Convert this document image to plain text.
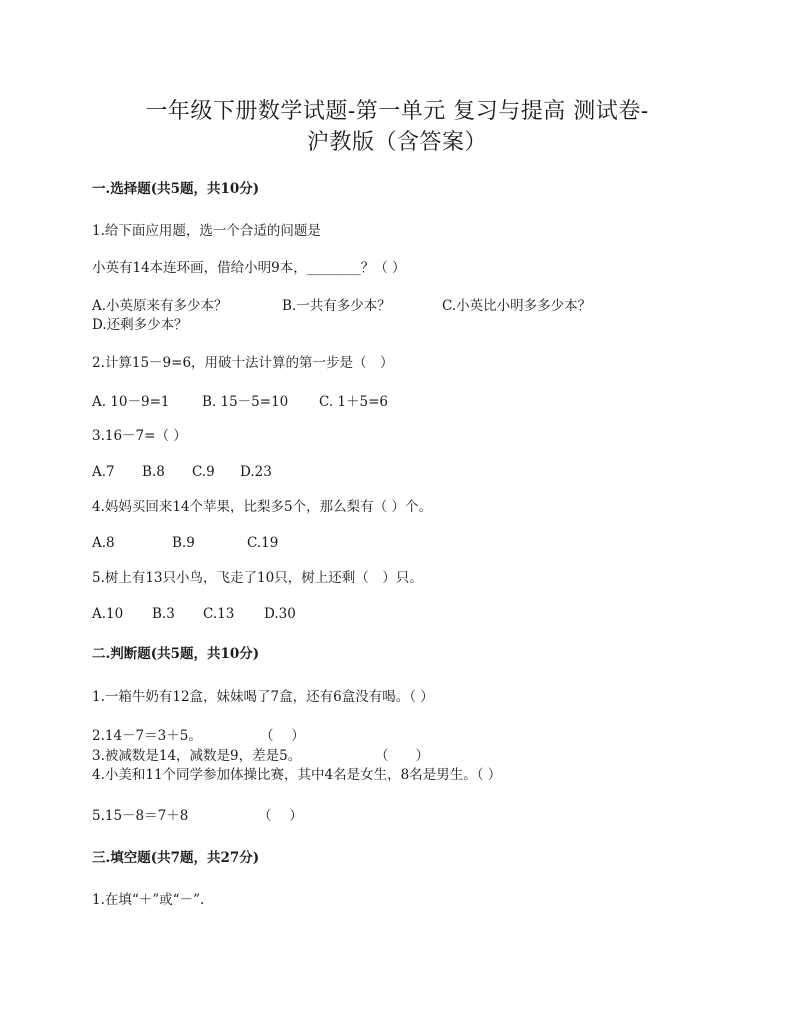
一年级下册数学试题-第一单元 复习与提高 测试卷-
沪教版（含答案）
一.选择题(共5题，共10分)
1.给下面应用题，选一个合适的问题是
小英有14本连环画，借给小明9本，________？（ ）
A.小英原来有多少本？	B.一共有多少本？	C.小英比小明多多少本？
D.还剩多少本？
2.计算15－9=6，用破十法计算的第一步是（　）
A. 10－9=1 B. 15－5=10 C. 1＋5=6
3.16－7=（ ）
A.7 B.8 C.9 D.23
4.妈妈买回来14个苹果，比梨多5个，那么梨有（ ）个。
A.8	B.9	C.19
5.树上有13只小鸟，飞走了10只，树上还剩（　）只。
A.10 B.3 C.13 D.30
二.判断题(共5题，共10分)
1.一箱牛奶有12盒，妹妹喝了7盒，还有6盒没有喝。（ ）
2.14－7＝3＋5。	（　 ）
3.被减数是14，减数是9，差是5。	（　　）
4.小美和11个同学参加体操比赛，其中4名是女生，8名是男生。（ ）
5.15－8＝7＋8	（　 ）
三.填空题(共7题，共27分)
1.在填“＋”或“－”.
